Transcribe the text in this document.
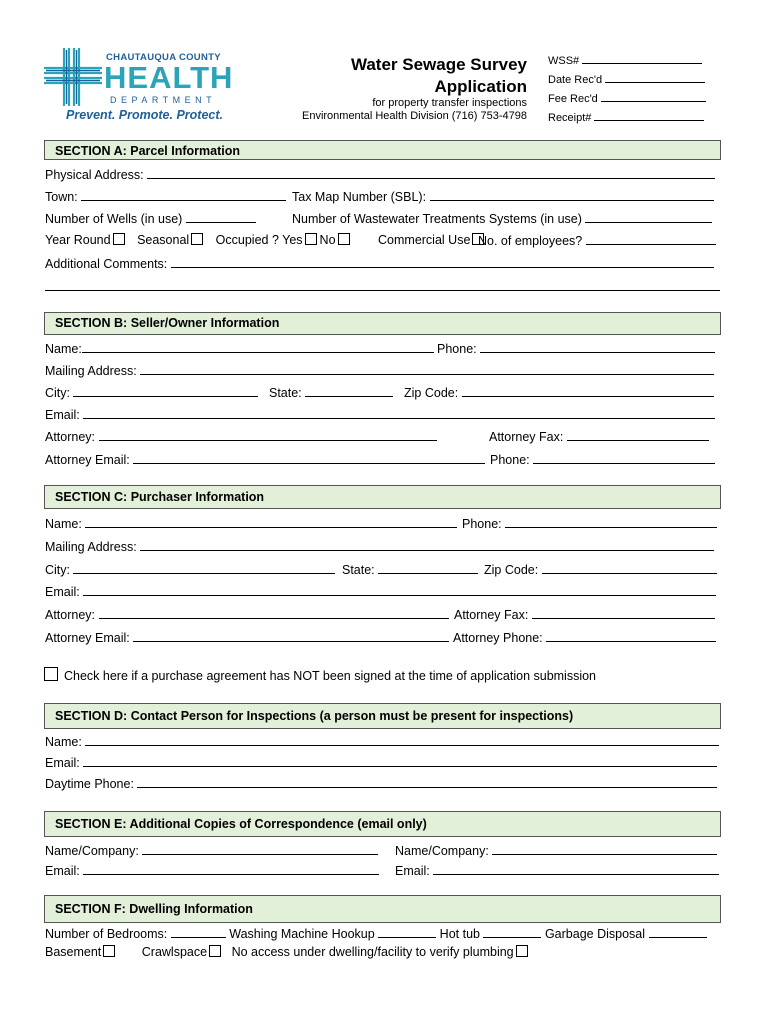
CHAUTAUQUA COUNTY
HEALTH
DEPARTMENT
Prevent. Promote. Protect.
Water Sewage Survey
Application
for property transfer inspections
Environmental Health Division (716) 753-4798
WSS#
Date Rec'd
Fee Rec'd
Receipt#
SECTION A: Parcel Information
Physical Address:
Town:	Tax Map Number (SBL):
Number of Wells (in use)	Number of Wastewater Treatments Systems (in use)
Year Round Seasonal Occupied ? Yes No	Commercial Use No. of employees?
Additional Comments:
SECTION B: Seller/Owner Information
Name:	Phone:
Mailing Address:
City:	State:	Zip Code:
Email:
Attorney:	Attorney Fax:
Attorney Email:	Phone:
SECTION C: Purchaser Information
Name:	Phone:
Mailing Address:
City:	State:	Zip Code:
Email:
Attorney:	Attorney Fax:
Attorney Email:	Attorney Phone:
Check here if a purchase agreement has NOT been signed at the time of application submission
SECTION D: Contact Person for Inspections (a person must be present for inspections)
Name:
Email:
Daytime Phone:
SECTION E: Additional Copies of Correspondence (email only)
Name/Company:	Name/Company:
Email:	Email:
SECTION F: Dwelling Information
Number of Bedrooms:	Washing Machine Hookup	Hot tub	Garbage Disposal
Basement	Crawlspace No access under dwelling/facility to verify plumbing
